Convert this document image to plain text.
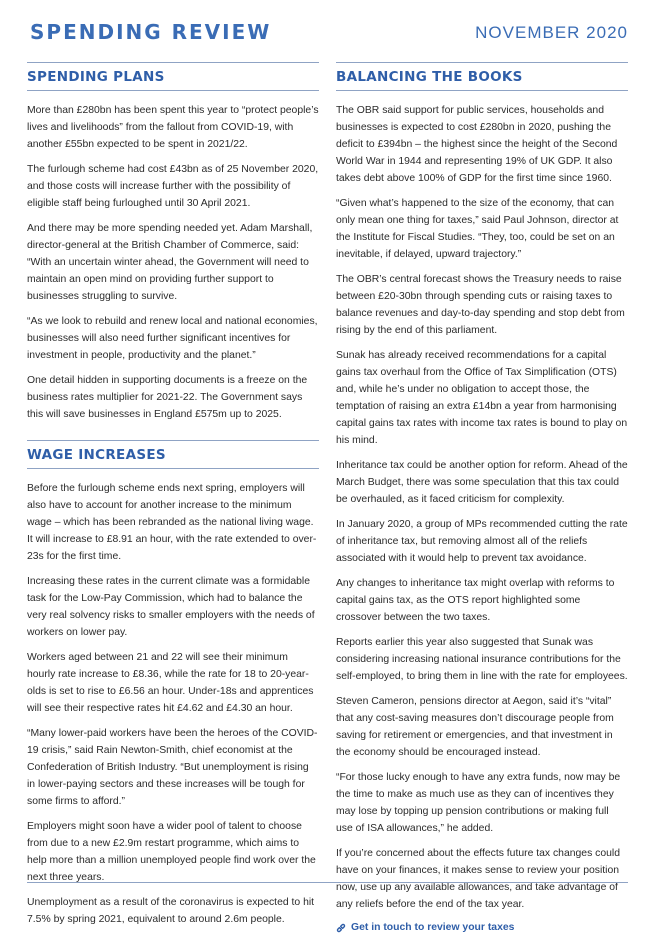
SPENDING REVIEW	NOVEMBER 2020
SPENDING PLANS

More than £280bn has been spent this year to “protect people’s lives and livelihoods” from the fallout from COVID-19, with another £55bn expected to be spent in 2021/22.

The furlough scheme had cost £43bn as of 25 November 2020, and those costs will increase further with the possibility of eligible staff being furloughed until 30 April 2021.

And there may be more spending needed yet. Adam Marshall, director-general at the British Chamber of Commerce, said: “With an uncertain winter ahead, the Government will need to maintain an open mind on providing further support to businesses struggling to survive.

“As we look to rebuild and renew local and national economies, businesses will also need further significant incentives for investment in people, productivity and the planet.”

One detail hidden in supporting documents is a freeze on the business rates multiplier for 2021-22. The Government says this will save businesses in England £575m up to 2025.

WAGE INCREASES

Before the furlough scheme ends next spring, employers will also have to account for another increase to the minimum wage – which has been rebranded as the national living wage. It will increase to £8.91 an hour, with the rate extended to over-23s for the first time.

Increasing these rates in the current climate was a formidable task for the Low-Pay Commission, which had to balance the very real solvency risks to smaller employers with the needs of workers on lower pay.

Workers aged between 21 and 22 will see their minimum hourly rate increase to £8.36, while the rate for 18 to 20-year-olds is set to rise to £6.56 an hour. Under-18s and apprentices will see their respective rates hit £4.62 and £4.30 an hour.

“Many lower-paid workers have been the heroes of the COVID-19 crisis,” said Rain Newton-Smith, chief economist at the Confederation of British Industry. “But unemployment is rising in lower-paying sectors and these increases will be tough for some firms to afford.”

Employers might soon have a wider pool of talent to choose from due to a new £2.9m restart programme, which aims to help more than a million unemployed people find work over the next three years.

Unemployment as a result of the coronavirus is expected to hit 7.5% by spring 2021, equivalent to around 2.6m people.

BALANCING THE BOOKS

The OBR said support for public services, households and businesses is expected to cost £280bn in 2020, pushing the deficit to £394bn – the highest since the height of the Second World War in 1944 and representing 19% of UK GDP. It also takes debt above 100% of GDP for the first time since 1960.

“Given what’s happened to the size of the economy, that can only mean one thing for taxes,” said Paul Johnson, director at the Institute for Fiscal Studies. “They, too, could be set on an inevitable, if delayed, upward trajectory.”

The OBR’s central forecast shows the Treasury needs to raise between £20-30bn through spending cuts or raising taxes to balance revenues and day-to-day spending and stop debt from rising by the end of this parliament.

Sunak has already received recommendations for a capital gains tax overhaul from the Office of Tax Simplification (OTS) and, while he’s under no obligation to accept those, the temptation of raising an extra £14bn a year from harmonising capital gains tax rates with income tax rates is bound to play on his mind.

Inheritance tax could be another option for reform. Ahead of the March Budget, there was some speculation that this tax could be overhauled, as it faced criticism for complexity.

In January 2020, a group of MPs recommended cutting the rate of inheritance tax, but removing almost all of the reliefs associated with it would help to prevent tax avoidance.

Any changes to inheritance tax might overlap with reforms to capital gains tax, as the OTS report highlighted some crossover between the two taxes.

Reports earlier this year also suggested that Sunak was considering increasing national insurance contributions for the self-employed, to bring them in line with the rate for employees.

Steven Cameron, pensions director at Aegon, said it’s “vital” that any cost-saving measures don’t discourage people from saving for retirement or emergencies, and that investment in the economy should be encouraged instead.

“For those lucky enough to have any extra funds, now may be the time to make as much use as they can of incentives they may lose by topping up pension contributions or making full use of ISA allowances,” he added.

If you’re concerned about the effects future tax changes could have on your finances, it makes sense to review your position now, use up any available allowances, and take advantage of any reliefs before the end of the tax year.

Get in touch to review your taxes
